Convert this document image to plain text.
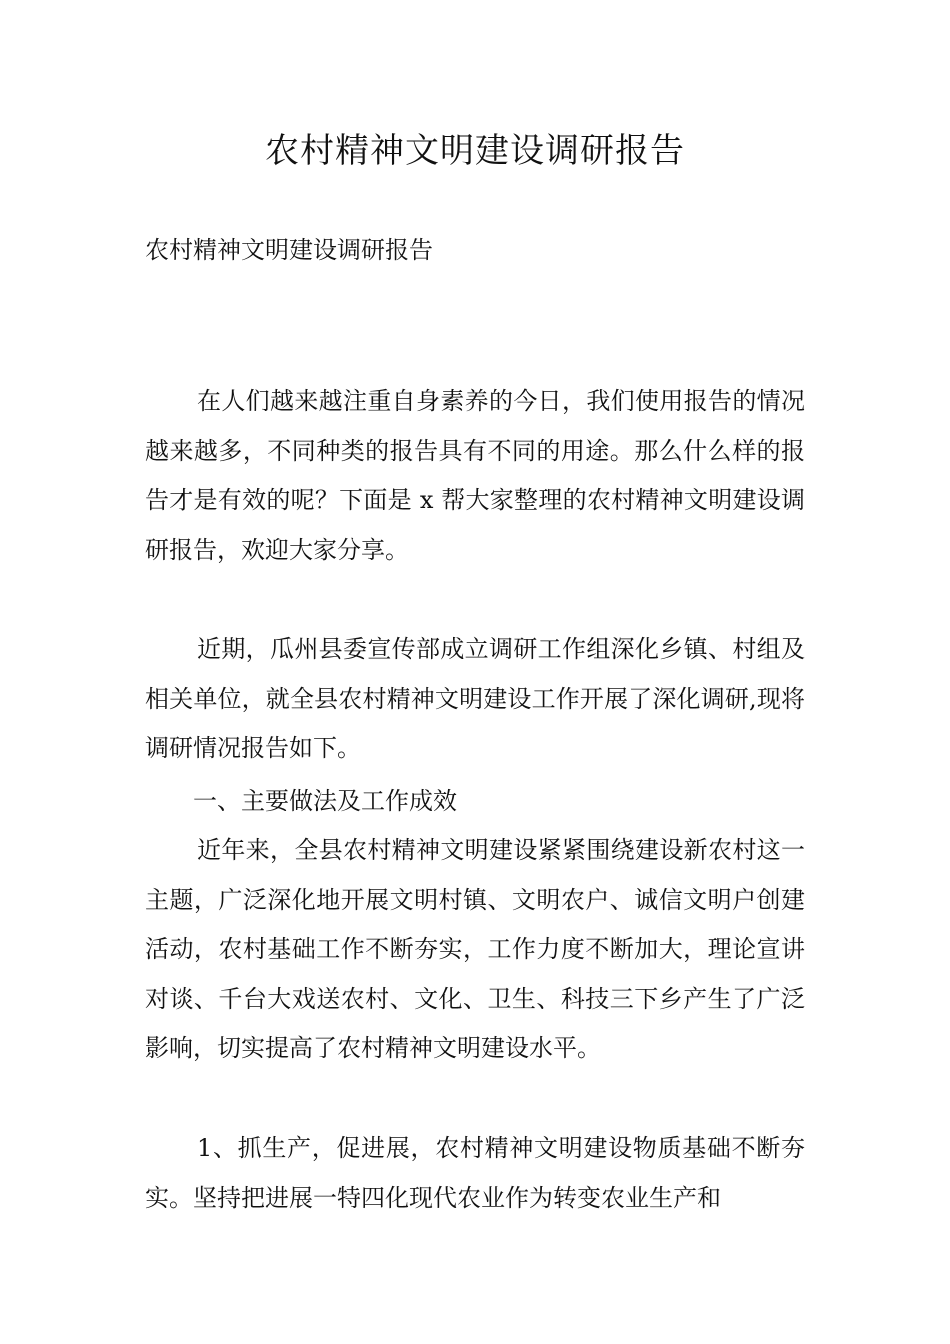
农村精神文明建设调研报告

农村精神文明建设调研报告

在人们越来越注重自身素养的今日，我们使用报告的情况越来越多，不同种类的报告具有不同的用途。那么什么样的报告才是有效的呢？下面是 x 帮大家整理的农村精神文明建设调研报告，欢迎大家分享。

近期，瓜州县委宣传部成立调研工作组深化乡镇、村组及相关单位，就全县农村精神文明建设工作开展了深化调研,现将调研情况报告如下。

一、主要做法及工作成效

近年来，全县农村精神文明建设紧紧围绕建设新农村这一主题，广泛深化地开展文明村镇、文明农户、诚信文明户创建活动，农村基础工作不断夯实，工作力度不断加大，理论宣讲对谈、千台大戏送农村、文化、卫生、科技三下乡产生了广泛影响，切实提高了农村精神文明建设水平。

1、抓生产，促进展，农村精神文明建设物质基础不断夯实。坚持把进展一特四化现代农业作为转变农业生产和
